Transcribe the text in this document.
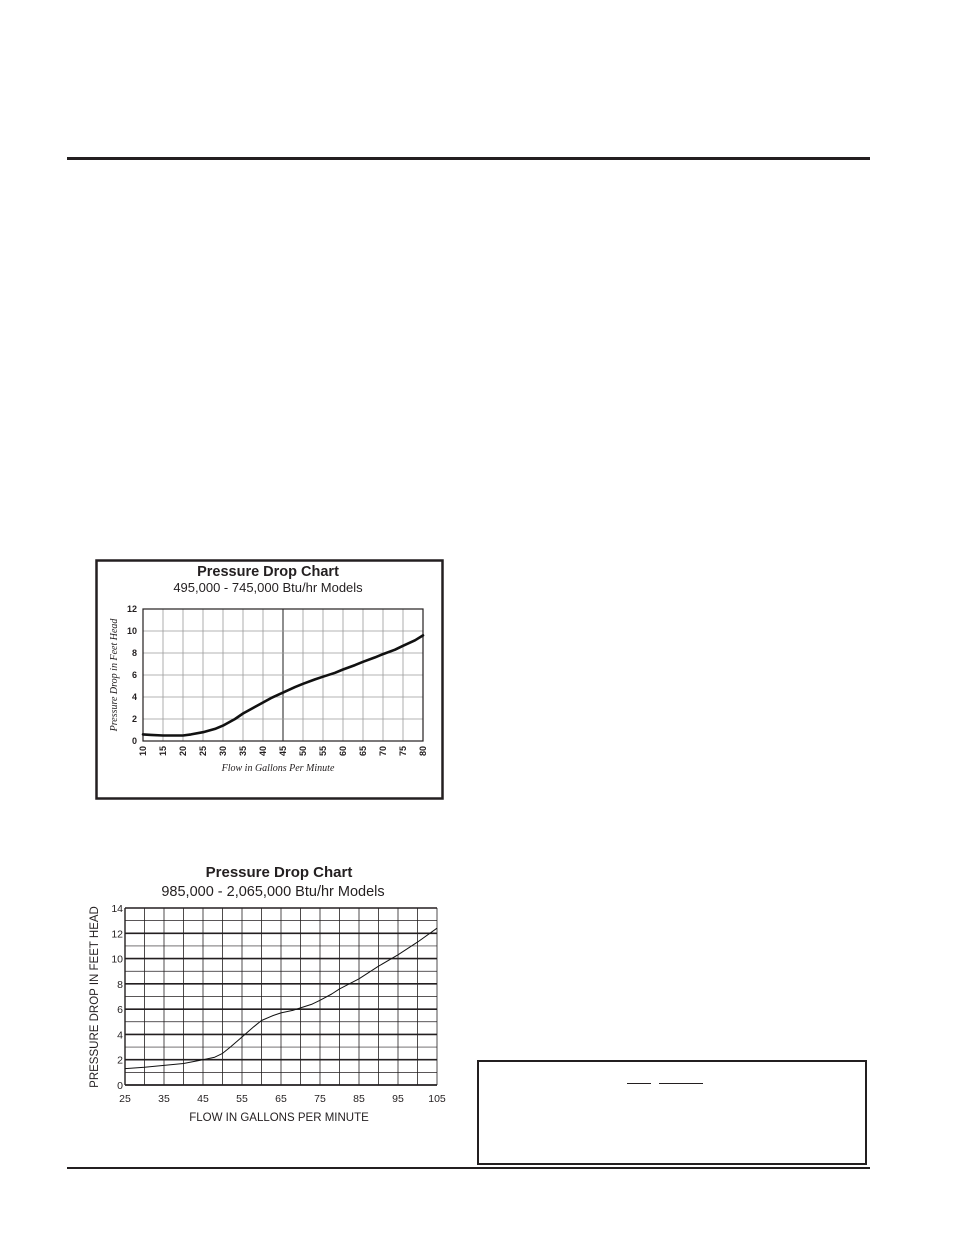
Pressure Drop Chart
495,000 - 745,000 Btu/hr Models
0
2
4
6
8
10
12
10 15 20 25 30 35 40 45 50 55 60 65 70 75 80
Flow in Gallons Per Minute
Pressure Drop in Feet Head
Pressure Drop Chart
985,000 - 2,065,000 Btu/hr Models
0
2
4
6
8
10
12
14
25	35	45	55	65	75	85	95 105
FLOW IN GALLONS PER MINUTE
PRESSURE DROP IN FEET HEAD
